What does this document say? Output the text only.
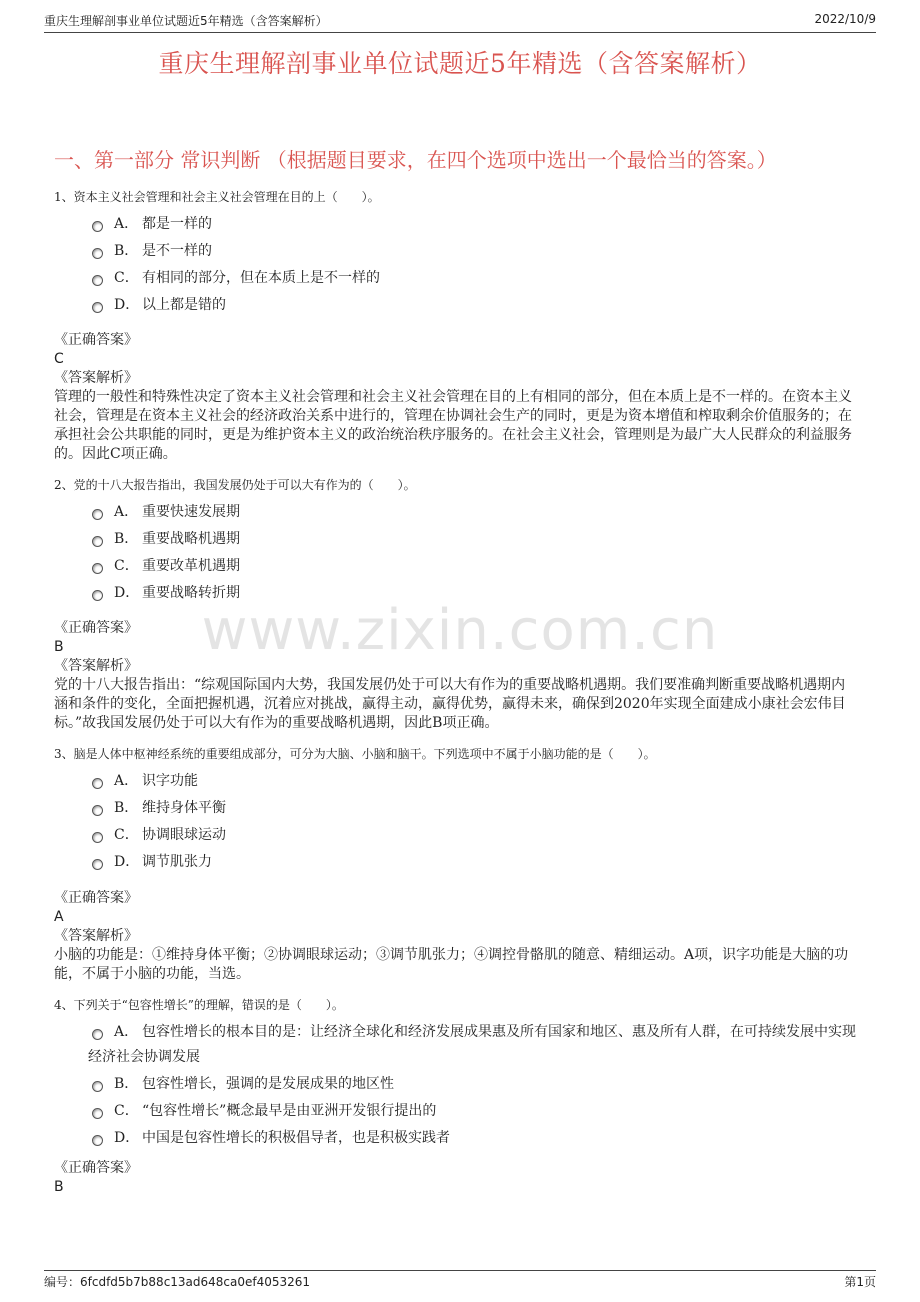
重庆生理解剖事业单位试题近5年精选（含答案解析）	2022/10/9
重庆生理解剖事业单位试题近5年精选（含答案解析）
一、第一部分 常识判断 （根据题目要求，在四个选项中选出一个最恰当的答案。）
www.zixin.com.cn
1、资本主义社会管理和社会主义社会管理在目的上（　　）。
A． 都是一样的
B． 是不一样的
C． 有相同的部分，但在本质上是不一样的
D． 以上都是错的
《正确答案》
C
《答案解析》
管理的一般性和特殊性决定了资本主义社会管理和社会主义社会管理在目的上有相同的部分，但在本质上是不一样的。在资本主义社会，管理是在资本主义社会的经济政治关系中进行的，管理在协调社会生产的同时，更是为资本增值和榨取剩余价值服务的；在承担社会公共职能的同时，更是为维护资本主义的政治统治秩序服务的。在社会主义社会，管理则是为最广大人民群众的利益服务的。因此C项正确。
2、党的十八大报告指出，我国发展仍处于可以大有作为的（　　）。
A． 重要快速发展期
B． 重要战略机遇期
C． 重要改革机遇期
D． 重要战略转折期
《正确答案》
B
《答案解析》
党的十八大报告指出：“综观国际国内大势，我国发展仍处于可以大有作为的重要战略机遇期。我们要准确判断重要战略机遇期内涵和条件的变化，全面把握机遇，沉着应对挑战，赢得主动，赢得优势，赢得未来，确保到2020年实现全面建成小康社会宏伟目标。”故我国发展仍处于可以大有作为的重要战略机遇期，因此B项正确。
3、脑是人体中枢神经系统的重要组成部分，可分为大脑、小脑和脑干。下列选项中不属于小脑功能的是（　　）。
A． 识字功能
B． 维持身体平衡
C． 协调眼球运动
D． 调节肌张力
《正确答案》
A
《答案解析》
小脑的功能是：①维持身体平衡；②协调眼球运动；③调节肌张力；④调控骨骼肌的随意、精细运动。A项，识字功能是大脑的功能，不属于小脑的功能，当选。
4、下列关于“包容性增长”的理解，错误的是（　　）。
A． 包容性增长的根本目的是：让经济全球化和经济发展成果惠及所有国家和地区、惠及所有人群，在可持续发展中实现经济社会协调发展
B． 包容性增长，强调的是发展成果的地区性
C． “包容性增长”概念最早是由亚洲开发银行提出的
D． 中国是包容性增长的积极倡导者，也是积极实践者
《正确答案》
B
编号：6fcdfd5b7b88c13ad648ca0ef4053261	第1页
